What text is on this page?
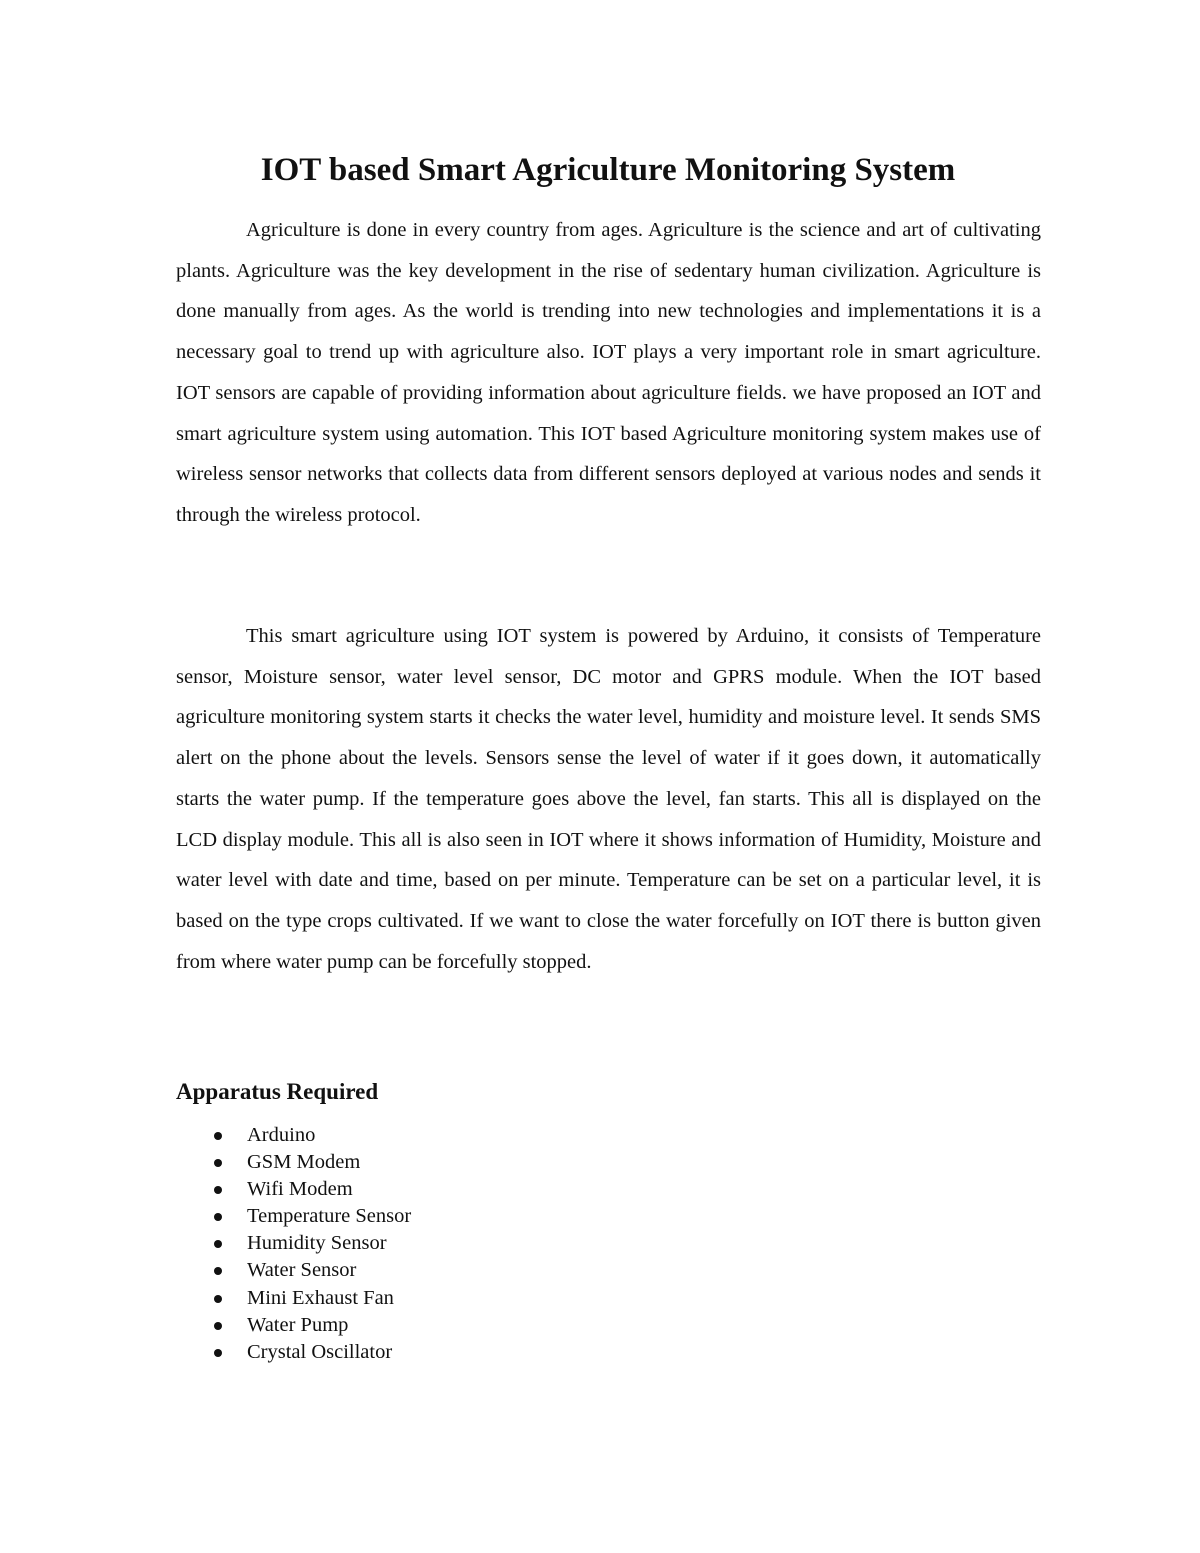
IOT based Smart Agriculture Monitoring System

Agriculture is done in every country from ages. Agriculture is the science and art of cultivating plants. Agriculture was the key development in the rise of sedentary human civilization. Agriculture is done manually from ages. As the world is trending into new technologies and implementations it is a necessary goal to trend up with agriculture also. IOT plays a very important role in smart agriculture. IOT sensors are capable of providing information about agriculture fields. we have proposed an IOT and smart agriculture system using automation. This IOT based Agriculture monitoring system makes use of wireless sensor networks that collects data from different sensors deployed at various nodes and sends it through the wireless protocol.

This smart agriculture using IOT system is powered by Arduino, it consists of Temperature sensor, Moisture sensor, water level sensor, DC motor and GPRS module. When the IOT based agriculture monitoring system starts it checks the water level, humidity and moisture level. It sends SMS alert on the phone about the levels. Sensors sense the level of water if it goes down, it automatically starts the water pump. If the temperature goes above the level, fan starts. This all is displayed on the LCD display module. This all is also seen in IOT where it shows information of Humidity, Moisture and water level with date and time, based on per minute. Temperature can be set on a particular level, it is based on the type crops cultivated. If we want to close the water forcefully on IOT there is button given from where water pump can be forcefully stopped.

Apparatus Required
Arduino
GSM Modem
Wifi Modem
Temperature Sensor
Humidity Sensor
Water Sensor
Mini Exhaust Fan
Water Pump
Crystal Oscillator
